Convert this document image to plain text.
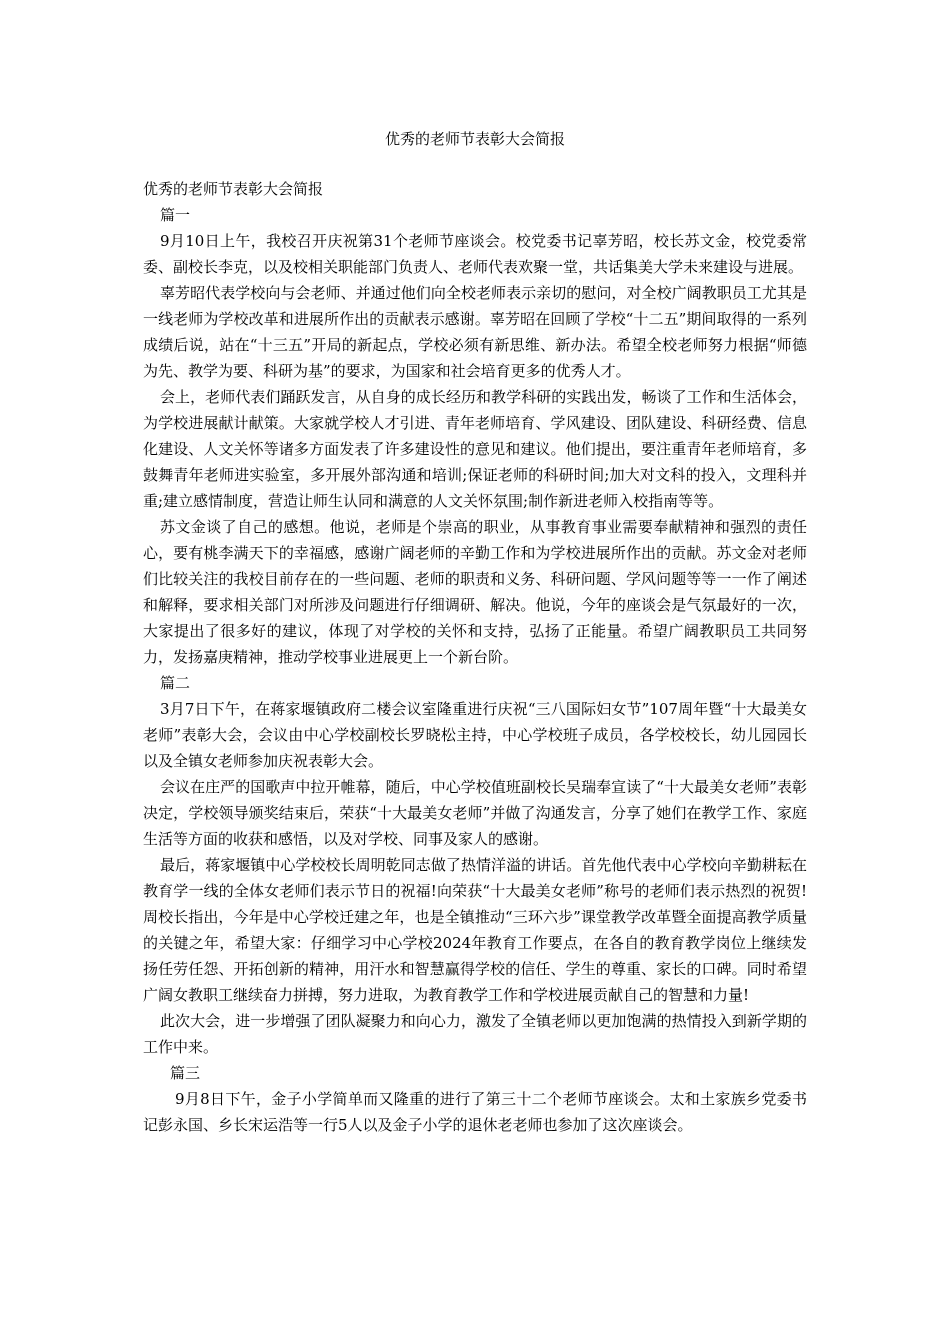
优秀的老师节表彰大会简报

优秀的老师节表彰大会简报

篇一

9月10日上午，我校召开庆祝第31个老师节座谈会。校党委书记辜芳昭，校长苏文金，校党委常委、副校长李克，以及校相关职能部门负责人、老师代表欢聚一堂，共话集美大学未来建设与进展。

辜芳昭代表学校向与会老师、并通过他们向全校老师表示亲切的慰问，对全校广阔教职员工尤其是一线老师为学校改革和进展所作出的贡献表示感谢。辜芳昭在回顾了学校“十二五”期间取得的一系列成绩后说，站在“十三五”开局的新起点，学校必须有新思维、新办法。希望全校老师努力根据“师德为先、教学为要、科研为基”的要求，为国家和社会培育更多的优秀人才。

会上，老师代表们踊跃发言，从自身的成长经历和教学科研的实践出发，畅谈了工作和生活体会，为学校进展献计献策。大家就学校人才引进、青年老师培育、学风建设、团队建设、科研经费、信息化建设、人文关怀等诸多方面发表了许多建设性的意见和建议。他们提出，要注重青年老师培育，多鼓舞青年老师进实验室，多开展外部沟通和培训;保证老师的科研时间;加大对文科的投入，文理科并重;建立感情制度，营造让师生认同和满意的人文关怀氛围;制作新进老师入校指南等等。

苏文金谈了自己的感想。他说，老师是个崇高的职业，从事教育事业需要奉献精神和强烈的责任心，要有桃李满天下的幸福感，感谢广阔老师的辛勤工作和为学校进展所作出的贡献。苏文金对老师们比较关注的我校目前存在的一些问题、老师的职责和义务、科研问题、学风问题等等一一作了阐述和解释，要求相关部门对所涉及问题进行仔细调研、解决。他说，今年的座谈会是气氛最好的一次，大家提出了很多好的建议，体现了对学校的关怀和支持，弘扬了正能量。希望广阔教职员工共同努力，发扬嘉庚精神，推动学校事业进展更上一个新台阶。

篇二

3月7日下午，在蒋家堰镇政府二楼会议室隆重进行庆祝“三八国际妇女节”107周年暨“十大最美女老师”表彰大会，会议由中心学校副校长罗晓松主持，中心学校班子成员，各学校校长，幼儿园园长以及全镇女老师参加庆祝表彰大会。

会议在庄严的国歌声中拉开帷幕，随后，中心学校值班副校长吴瑞奉宣读了“十大最美女老师”表彰决定，学校领导颁奖结束后，荣获“十大最美女老师”并做了沟通发言，分享了她们在教学工作、家庭生活等方面的收获和感悟，以及对学校、同事及家人的感谢。

最后，蒋家堰镇中心学校校长周明乾同志做了热情洋溢的讲话。首先他代表中心学校向辛勤耕耘在教育学一线的全体女老师们表示节日的祝福!向荣获“十大最美女老师”称号的老师们表示热烈的祝贺!周校长指出，今年是中心学校迁建之年，也是全镇推动“三环六步”课堂教学改革暨全面提高教学质量的关键之年，希望大家：仔细学习中心学校2024年教育工作要点，在各自的教育教学岗位上继续发扬任劳任怨、开拓创新的精神，用汗水和智慧赢得学校的信任、学生的尊重、家长的口碑。同时希望广阔女教职工继续奋力拼搏，努力进取，为教育教学工作和学校进展贡献自己的智慧和力量!

此次大会，进一步增强了团队凝聚力和向心力，激发了全镇老师以更加饱满的热情投入到新学期的工作中来。

篇三

9月8日下午，金子小学简单而又隆重的进行了第三十二个老师节座谈会。太和土家族乡党委书记彭永国、乡长宋运浩等一行5人以及金子小学的退休老老师也参加了这次座谈会。
